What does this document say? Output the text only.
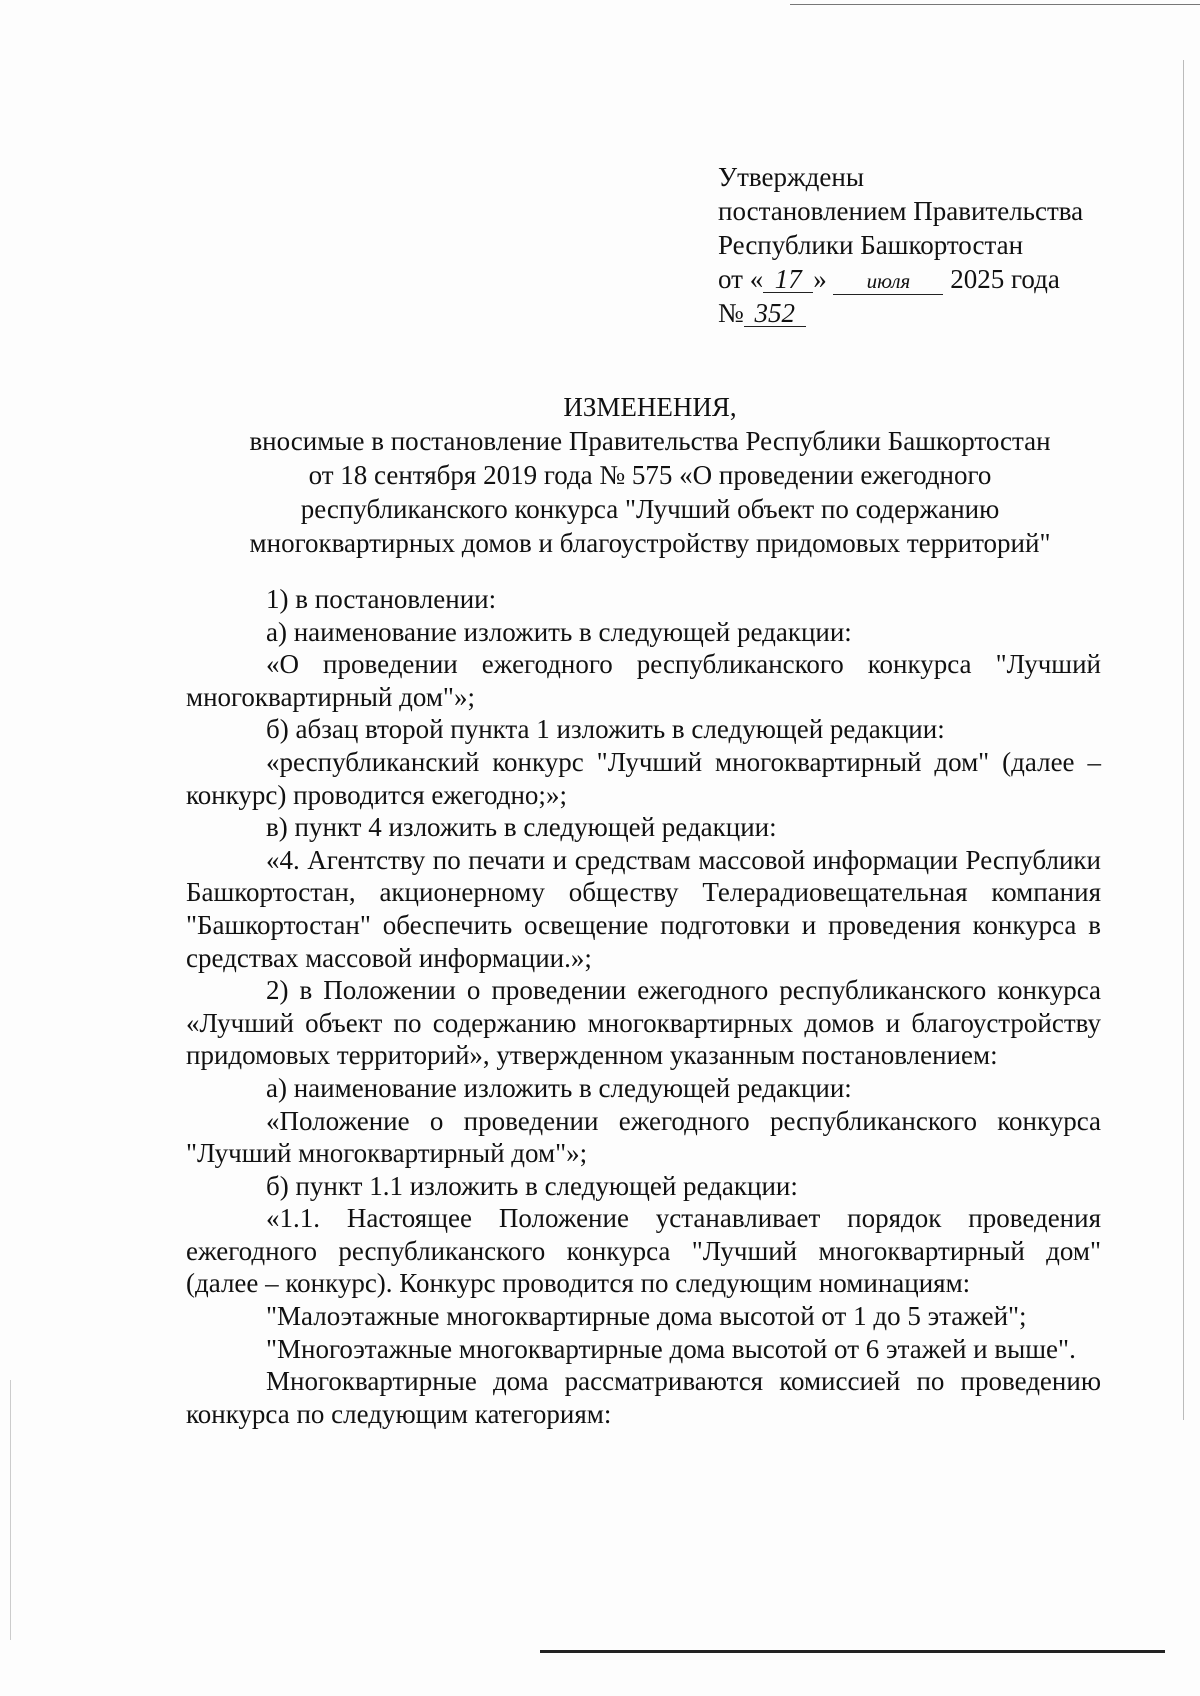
Утверждены
постановлением Правительства
Республики Башкортостан
от « 17 » июля 2025 года
№ 352
ИЗМЕНЕНИЯ,
вносимые в постановление Правительства Республики Башкортостан
от 18 сентября 2019 года № 575 «О проведении ежегодного
республиканского конкурса "Лучший объект по содержанию
многоквартирных домов и благоустройству придомовых территорий"

1) в постановлении:

а) наименование изложить в следующей редакции:

«О проведении ежегодного республиканского конкурса "Лучший многоквартирный дом"»;

б) абзац второй пункта 1 изложить в следующей редакции:

«республиканский конкурс "Лучший многоквартирный дом" (далее – конкурс) проводится ежегодно;»;

в) пункт 4 изложить в следующей редакции:

«4. Агентству по печати и средствам массовой информации Республики Башкортостан, акционерному обществу Телерадиовещательная компания "Башкортостан" обеспечить освещение подготовки и проведения конкурса в средствах массовой информации.»;

2) в Положении о проведении ежегодного республиканского конкурса «Лучший объект по содержанию многоквартирных домов и благоустройству придомовых территорий», утвержденном указанным постановлением:

а) наименование изложить в следующей редакции:

«Положение о проведении ежегодного республиканского конкурса "Лучший многоквартирный дом"»;

б) пункт 1.1 изложить в следующей редакции:

«1.1. Настоящее Положение устанавливает порядок проведения ежегодного республиканского конкурса "Лучший многоквартирный дом" (далее – конкурс). Конкурс проводится по следующим номинациям:

"Малоэтажные многоквартирные дома высотой от 1 до 5 этажей";

"Многоэтажные многоквартирные дома высотой от 6 этажей и выше".

Многоквартирные дома рассматриваются комиссией по проведению конкурса по следующим категориям:
